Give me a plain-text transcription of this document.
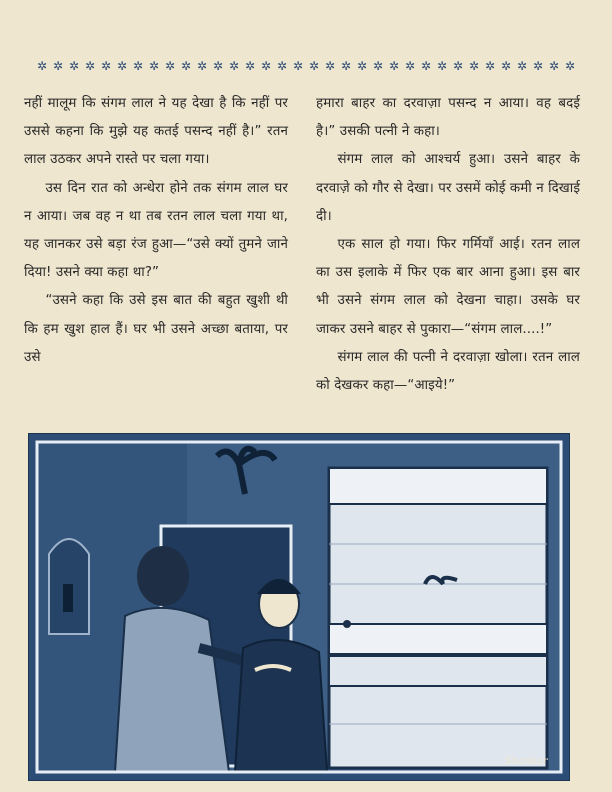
✲ ✲ ✲ ✲ ✲ ✲ ✲ ✲ ✲ ✲ ✲ ✲ ✲ ✲ ✲ ✲ ✲ ✲ ✲ ✲ ✲ ✲ ✲ ✲ ✲ ✲ ✲ ✲ ✲ ✲ ✲ ✲ ✲ ✲

नहीं मालूम कि संगम लाल ने यह देखा है कि नहीं पर उससे कहना कि मुझे यह कतई पसन्द नहीं है।” रतन लाल उठकर अपने रास्ते पर चला गया।

उस दिन रात को अन्धेरा होने तक संगम लाल घर न आया। जब वह न था तब रतन लाल चला गया था, यह जानकर उसे बड़ा रंज हुआ—“उसे क्यों तुमने जाने दिया! उसने क्या कहा था?”

“उसने कहा कि उसे इस बात की बहुत खुशी थी कि हम खुश हाल हैं। घर भी उसने अच्छा बताया, पर उसे

हमारा बाहर का दरवाज़ा पसन्द न आया। वह बदई है।” उसकी पत्नी ने कहा।

संगम लाल को आश्चर्य हुआ। उसने बाहर के दरवाज़े को गौर से देखा। पर उसमें कोई कमी न दिखाई दी।

एक साल हो गया। फिर गर्मियाँ आई। रतन लाल का उस इलाके में फिर एक बार आना हुआ। इस बार भी उसने संगम लाल को देखना चाहा। उसके घर जाकर उसने बाहर से पुकारा—“संगम लाल....!”

संगम लाल की पत्नी ने दरवाज़ा खोला। रतन लाल को देखकर कहा—“आइये!”

Shankar
